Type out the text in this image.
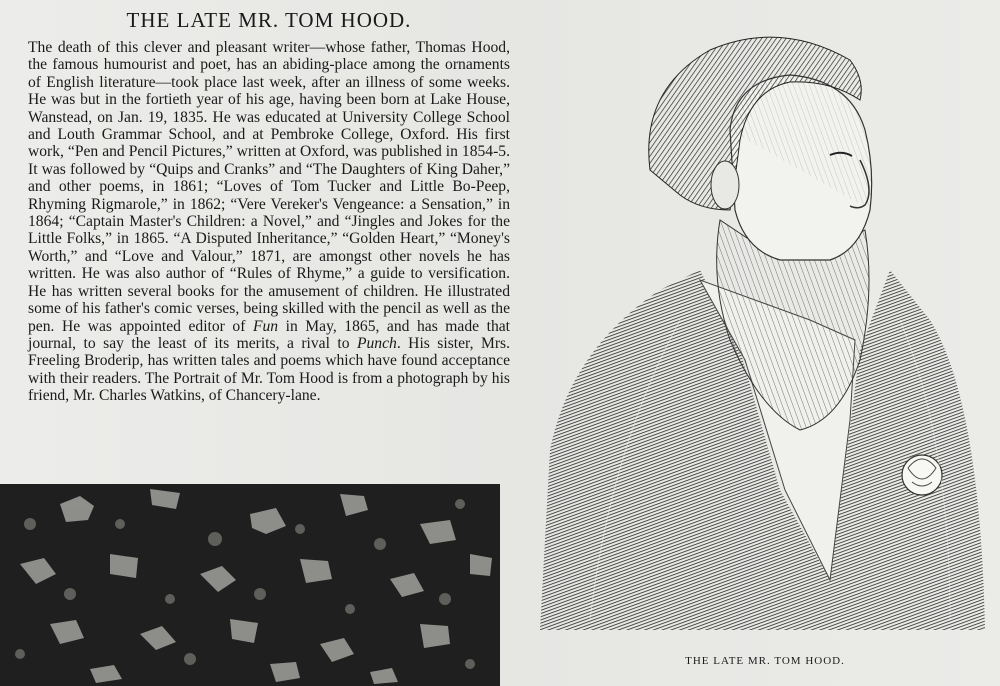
THE LATE MR. TOM HOOD.

The death of this clever and pleasant writer—whose father, Thomas Hood, the famous humourist and poet, has an abiding-place among the ornaments of English literature—took place last week, after an illness of some weeks. He was but in the fortieth year of his age, having been born at Lake House, Wanstead, on Jan. 19, 1835. He was educated at University College School and Louth Grammar School, and at Pembroke College, Oxford. His first work, “Pen and Pencil Pictures,” written at Oxford, was published in 1854-5. It was followed by “Quips and Cranks” and “The Daughters of King Daher,” and other poems, in 1861; “Loves of Tom Tucker and Little Bo-Peep, Rhyming Rigmarole,” in 1862; “Vere Vereker's Vengeance: a Sensation,” in 1864; “Captain Master's Children: a Novel,” and “Jingles and Jokes for the Little Folks,” in 1865. “A Disputed Inheritance,” “Golden Heart,” “Money's Worth,” and “Love and Valour,” 1871, are amongst other novels he has written. He was also author of “Rules of Rhyme,” a guide to versification. He has written several books for the amusement of children. He illustrated some of his father's comic verses, being skilled with the pencil as well as the pen. He was appointed editor of Fun in May, 1865, and has made that journal, to say the least of its merits, a rival to Punch. His sister, Mrs. Freeling Broderip, has written tales and poems which have found acceptance with their readers. The Portrait of Mr. Tom Hood is from a photograph by his friend, Mr. Charles Watkins, of Chancery-lane.

THE LATE MR. TOM HOOD.
